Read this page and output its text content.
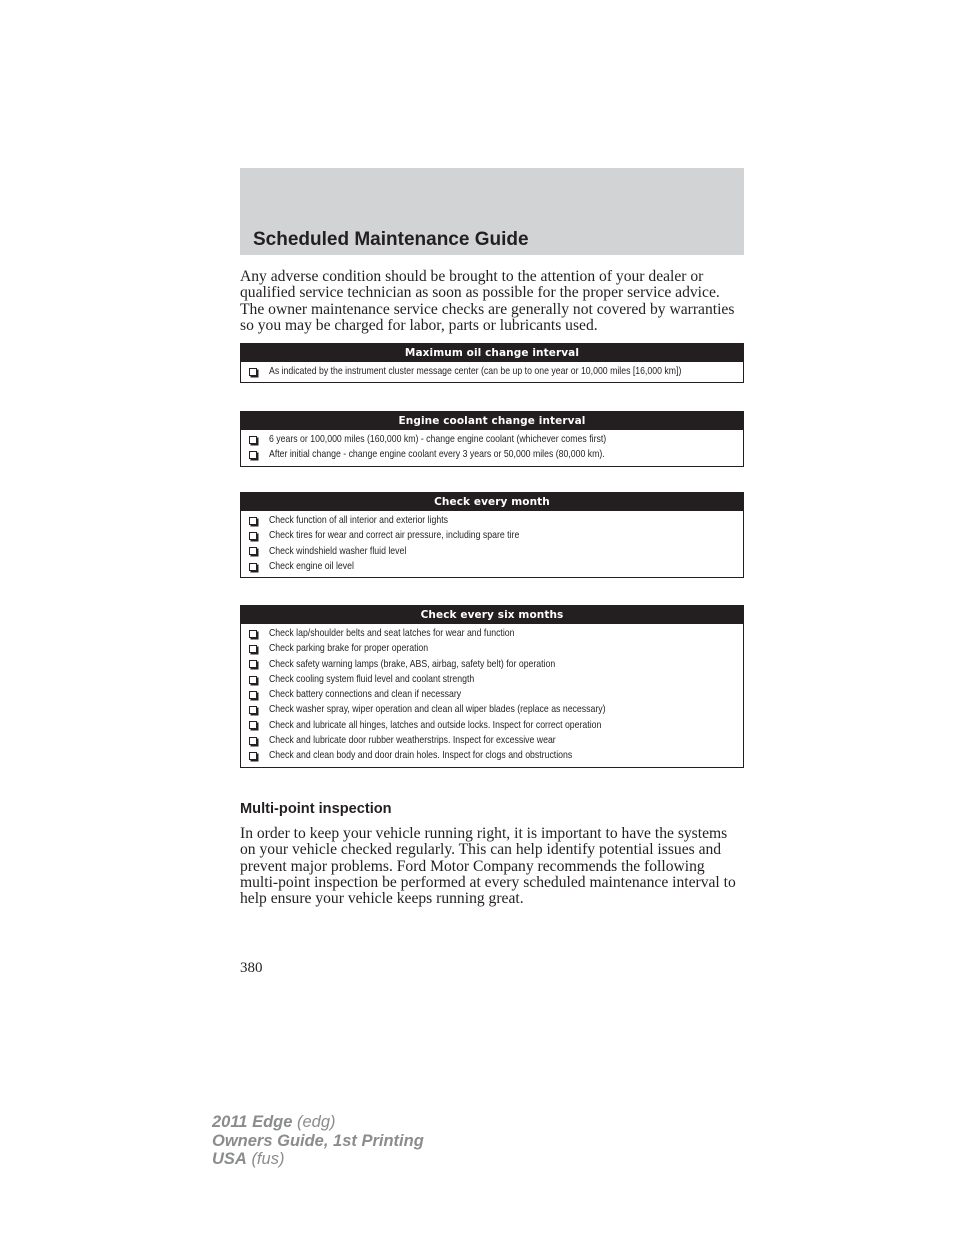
Scheduled Maintenance Guide

Any adverse condition should be brought to the attention of your dealer or qualified service technician as soon as possible for the proper service advice. The owner maintenance service checks are generally not covered by warranties so you may be charged for labor, parts or lubricants used.

Maximum oil change interval
As indicated by the instrument cluster message center (can be up to one year or 10,000 miles [16,000 km])
Engine coolant change interval
6 years or 100,000 miles (160,000 km) - change engine coolant (whichever comes first)
After initial change - change engine coolant every 3 years or 50,000 miles (80,000 km).
Check every month
Check function of all interior and exterior lights
Check tires for wear and correct air pressure, including spare tire
Check windshield washer fluid level
Check engine oil level
Check every six months
Check lap/shoulder belts and seat latches for wear and function
Check parking brake for proper operation
Check safety warning lamps (brake, ABS, airbag, safety belt) for operation
Check cooling system fluid level and coolant strength
Check battery connections and clean if necessary
Check washer spray, wiper operation and clean all wiper blades (replace as necessary)
Check and lubricate all hinges, latches and outside locks. Inspect for correct operation
Check and lubricate door rubber weatherstrips. Inspect for excessive wear
Check and clean body and door drain holes. Inspect for clogs and obstructions
Multi-point inspection

In order to keep your vehicle running right, it is important to have the systems on your vehicle checked regularly. This can help identify potential issues and prevent major problems. Ford Motor Company recommends the following multi-point inspection be performed at every scheduled maintenance interval to help ensure your vehicle keeps running great.

380
2011 Edge (edg)
Owners Guide, 1st Printing
USA (fus)
